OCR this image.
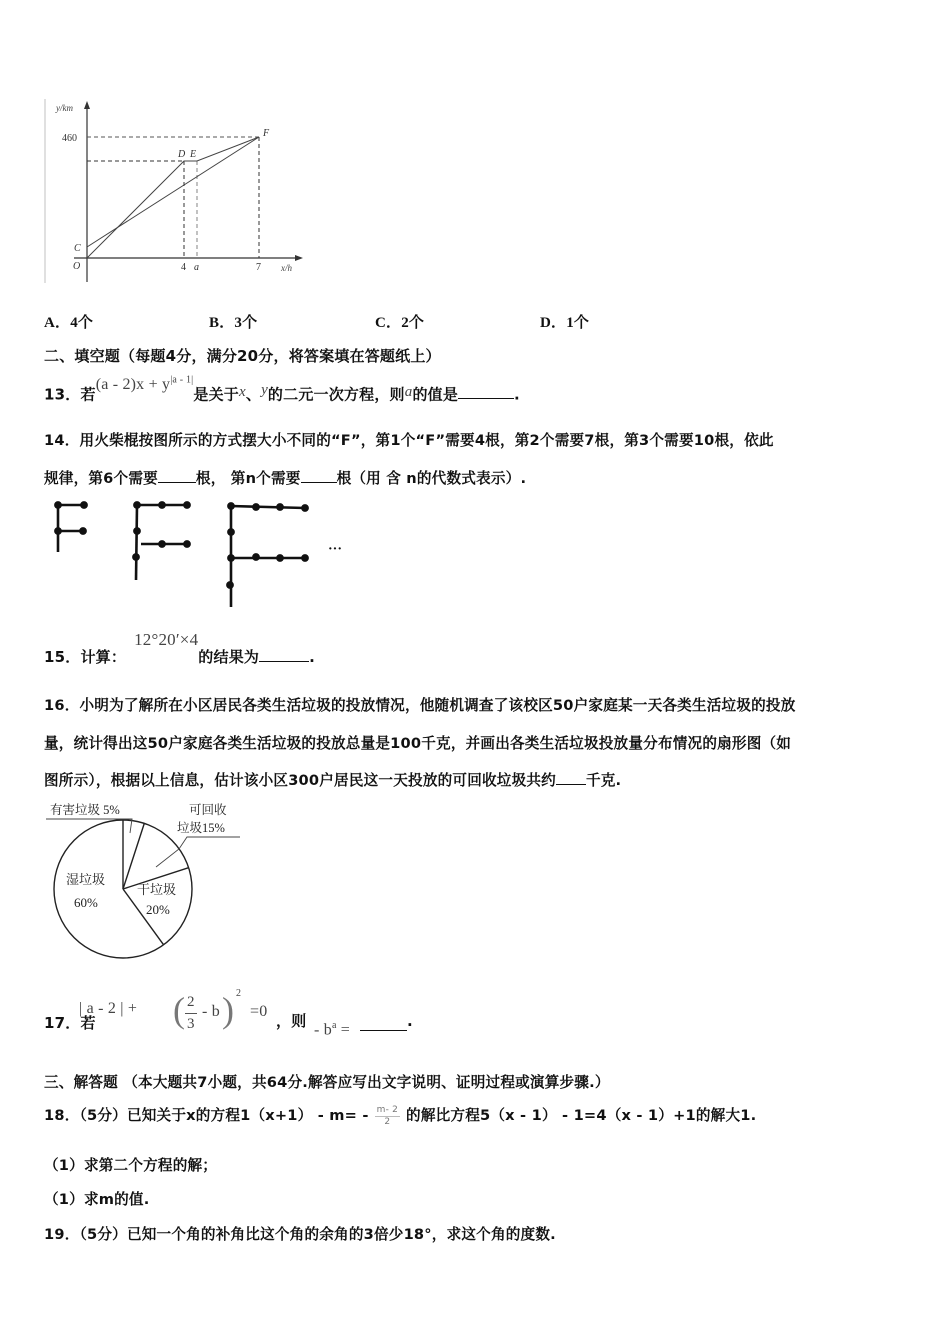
y/km
460
C
O
D E
F
4 a	7 x/h
A．4个	B．3个	C．2个	D．1个
二、填空题（每题4分，满分20分，将答案填在答题纸上）
13．若$(a - 2)x + y^{|a - 1|}$是关于x、y的二元一次方程，则a的值是	.
14．用火柴棍按图所示的方式摆大小不同的“F”，第1个“F”需要4根，第2个需要7根，第3个需要10根，依此
规律，第6个需要	根， 第n个需要 根（用 含 n的代数式表示）.
···
15．计算：12°20′×4的结果为	.
16．小明为了解所在小区居民各类生活垃圾的投放情况，他随机调查了该校区50户家庭某一天各类生活垃圾的投放
量，统计得出这50户家庭各类生活垃圾的投放总量是100千克，并画出各类生活垃圾投放量分布情况的扇形图（如
图所示），根据以上信息，估计该小区300户居民这一天投放的可回收垃圾共约 千克.
有害垃圾 5%	可回收
垃圾15%
干垃圾
20%
湿垃圾
60%
17．若
| a - 2 | + ( 2
3
- b ) 2
=0
，则 - $b^a$ =	.
三、解答题 （本大题共7小题，共64分.解答应写出文字说明、证明过程或演算步骤.）
18．（5分）已知关于x的方程$1(x+1) - m= - \frac{m- 2}{2}$ 的解比方程5（x - 1） - 1=4（x - 1）+1的解大1.
（1）求第二个方程的解；
（1）求m的值.
19．（5分）已知一个角的补角比这个角的余角的3倍少18°，求这个角的度数.
